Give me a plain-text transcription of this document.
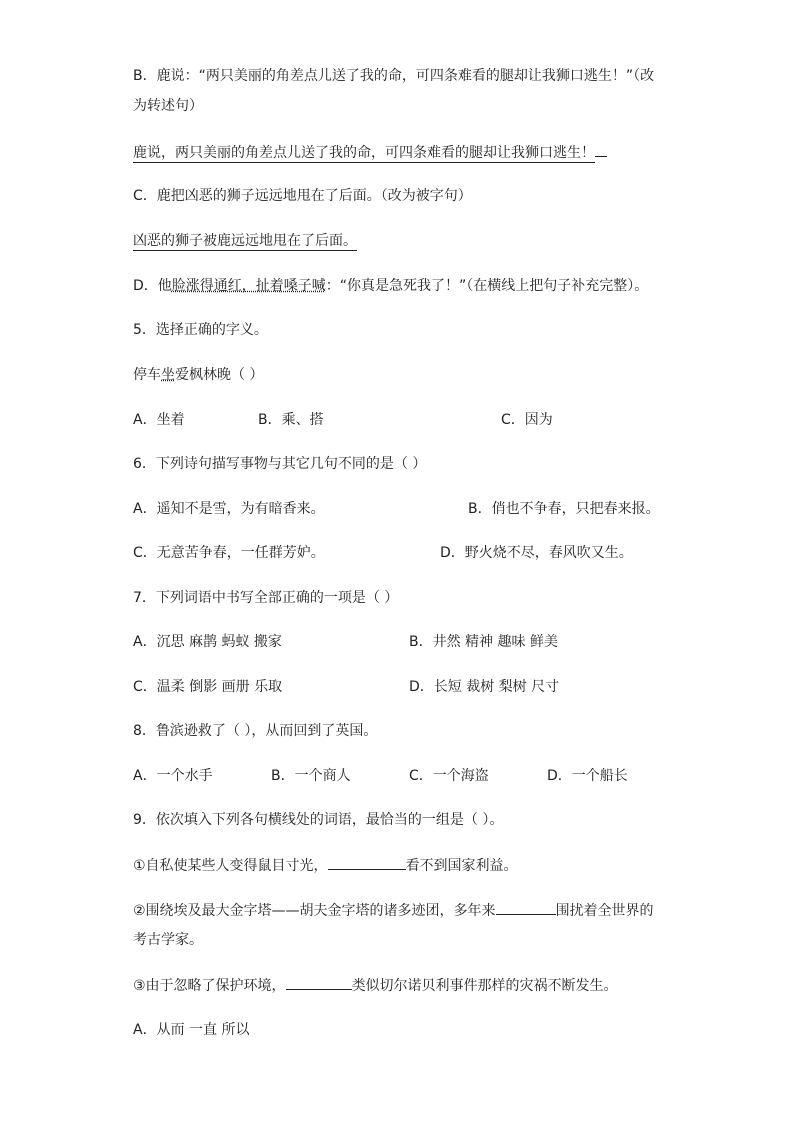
B．鹿说：“两只美丽的角差点儿送了我的命，可四条难看的腿却让我狮口逃生！”（改
为转述句）
鹿说，两只美丽的角差点儿送了我的命，可四条难看的腿却让我狮口逃生！
C．鹿把凶恶的狮子远远地甩在了后面。（改为被字句）
凶恶的狮子被鹿远远地甩在了后面。
D．他脸涨得通红，扯着嗓子喊：“你真是急死我了！”（在横线上把句子补充完整）。
5．选择正确的字义。
停车坐爱枫林晚（ ）
A．坐着	B．乘、搭	C．因为
6．下列诗句描写事物与其它几句不同的是（ ）
A．遥知不是雪，为有暗香来。	B．俏也不争春，只把春来报。
C．无意苦争春，一任群芳妒。	D．野火烧不尽，春风吹又生。
7．下列词语中书写全部正确的一项是（ ）
A．沉思 麻鹊 蚂蚁 搬家	B．井然 精神 趣味 鲜美
C．温柔 倒影 画册 乐取	D．长短 裁树 梨树 尺寸
8．鲁滨逊救了（ ），从而回到了英国。
A．一个水手	B．一个商人	C．一个海盗	D．一个船长
9．依次填入下列各句横线处的词语，最恰当的一组是（ ）。
①自私使某些人变得鼠目寸光，	看不到国家利益。
②围绕埃及最大金字塔——胡夫金字塔的诸多迹团，多年来	围扰着全世界的
考古学家。
③由于忽略了保护环境，	类似切尔诺贝利事件那样的灾祸不断发生。
A．从而 一直 所以
